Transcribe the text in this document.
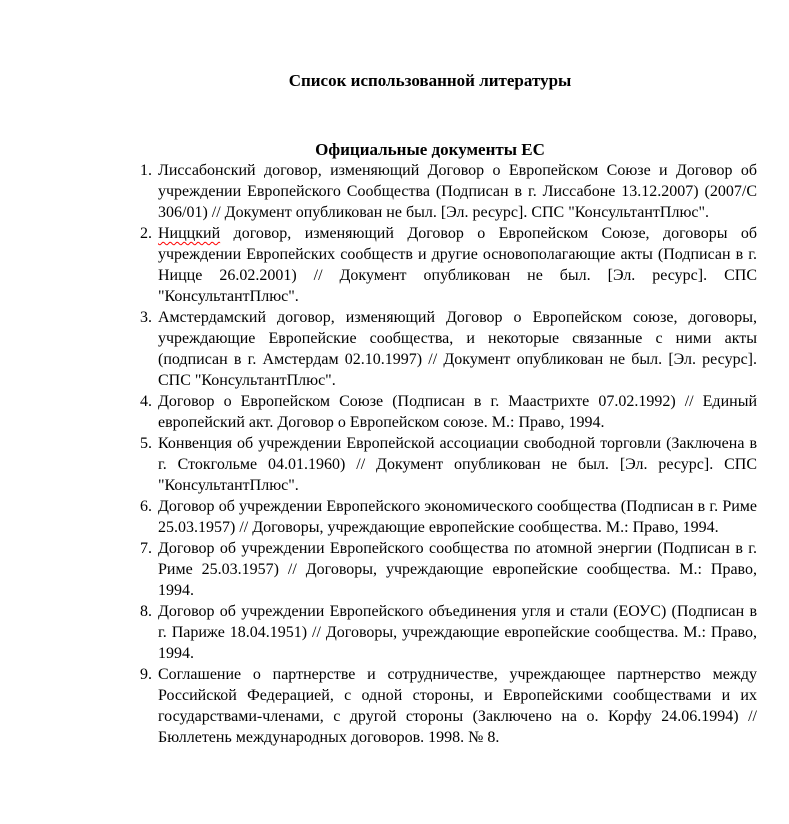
Список использованной литературы
Официальные документы ЕС
1. Лиссабонский договор, изменяющий Договор о Европейском Союзе и Договор об учреждении Европейского Сообщества (Подписан в г. Лиссабоне 13.12.2007) (2007/C 306/01) // Документ опубликован не был. [Эл. ресурс]. СПС "КонсультантПлюс".
2. Ниццкий договор, изменяющий Договор о Европейском Союзе, договоры об учреждении Европейских сообществ и другие основополагающие акты (Подписан в г. Ницце 26.02.2001) // Документ опубликован не был. [Эл. ресурс]. СПС "КонсультантПлюс".
3. Амстердамский договор, изменяющий Договор о Европейском союзе, договоры, учреждающие Европейские сообщества, и некоторые связанные с ними акты (подписан в г. Амстердам 02.10.1997) // Документ опубликован не был. [Эл. ресурс]. СПС "КонсультантПлюс".
4. Договор о Европейском Союзе (Подписан в г. Маастрихте 07.02.1992) // Единый европейский акт. Договор о Европейском союзе. М.: Право, 1994.
5. Конвенция об учреждении Европейской ассоциации свободной торговли (Заключена в г. Стокгольме 04.01.1960) // Документ опубликован не был. [Эл. ресурс]. СПС "КонсультантПлюс".
6. Договор об учреждении Европейского экономического сообщества (Подписан в г. Риме 25.03.1957) // Договоры, учреждающие европейские сообщества. М.: Право, 1994.
7. Договор об учреждении Европейского сообщества по атомной энергии (Подписан в г. Риме 25.03.1957) // Договоры, учреждающие европейские сообщества. М.: Право, 1994.
8. Договор об учреждении Европейского объединения угля и стали (ЕОУС) (Подписан в г. Париже 18.04.1951) // Договоры, учреждающие европейские сообщества. М.: Право, 1994.
9. Соглашение о партнерстве и сотрудничестве, учреждающее партнерство между Российской Федерацией, с одной стороны, и Европейскими сообществами и их государствами-членами, с другой стороны (Заключено на о. Корфу 24.06.1994) // Бюллетень международных договоров. 1998. № 8.
